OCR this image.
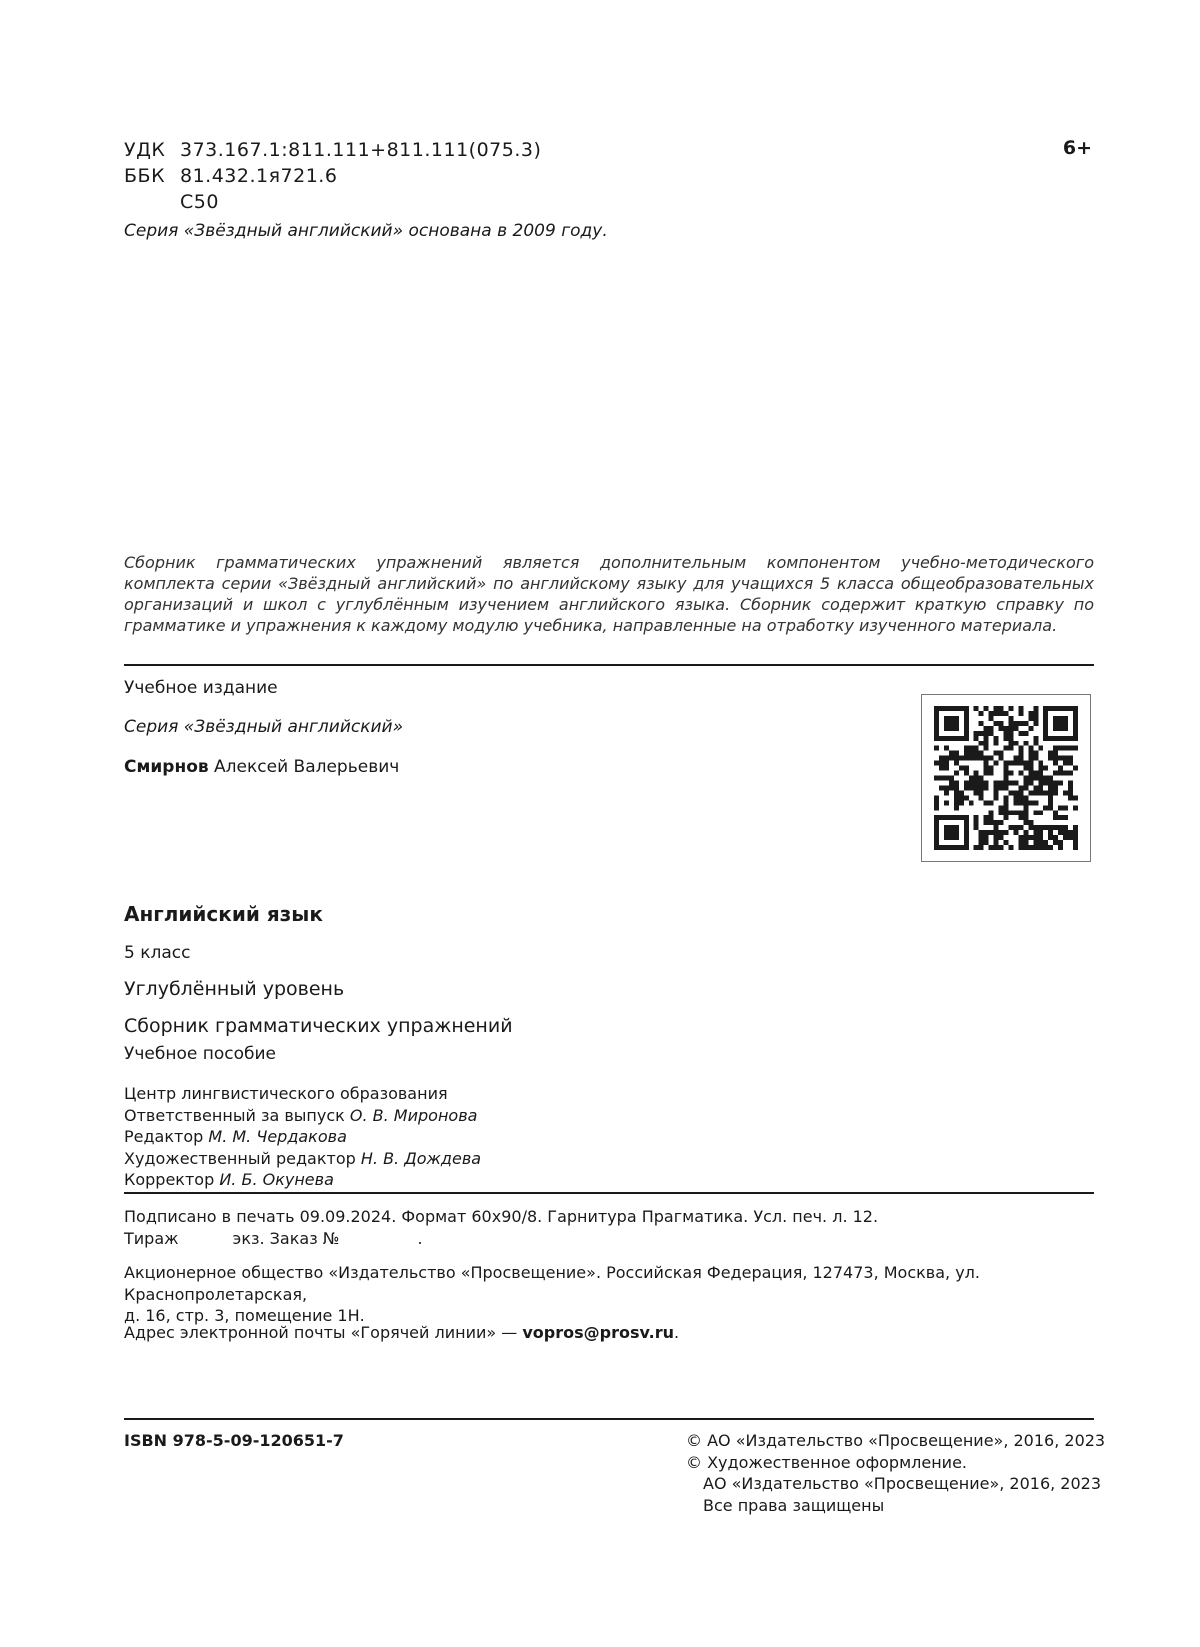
УДК 373.167.1:811.111+811.111(075.3)
ББК 81.432.1я721.6
С50
6+
Серия «Звёздный английский» основана в 2009 году.
Сборник грамматических упражнений является дополнительным компонентом учебно-методического комплекта серии «Звёздный английский» по английскому языку для учащихся 5 класса общеобразовательных организаций и школ с углублённым изучением английского языка. Сборник содержит краткую справку по грамматике и упражнения к каждому модулю учебника, направленные на отработку изученного материала.
Учебное издание
Серия «Звёздный английский»
Смирнов Алексей Валерьевич
Английский язык
5 класс
Углублённый уровень
Сборник грамматических упражнений
Учебное пособие
Центр лингвистического образования
Ответственный за выпуск О. В. Миронова
Редактор М. М. Чердакова
Художественный редактор Н. В. Дождева
Корректор И. Б. Окунева
Подписано в печать 09.09.2024. Формат 60x90/8. Гарнитура Прагматика. Усл. печ. л. 12.
Тираж	экз. Заказ №	.
Акционерное общество «Издательство «Просвещение». Российская Федерация, 127473, Москва, ул. Краснопролетарская,
д. 16, стр. 3, помещение 1Н.
Адрес электронной почты «Горячей линии» — vopros@prosv.ru.
ISBN 978-5-09-120651-7	© АО «Издательство «Просвещение», 2016, 2023
© Художественное оформление.
АО «Издательство «Просвещение», 2016, 2023
Все права защищены
